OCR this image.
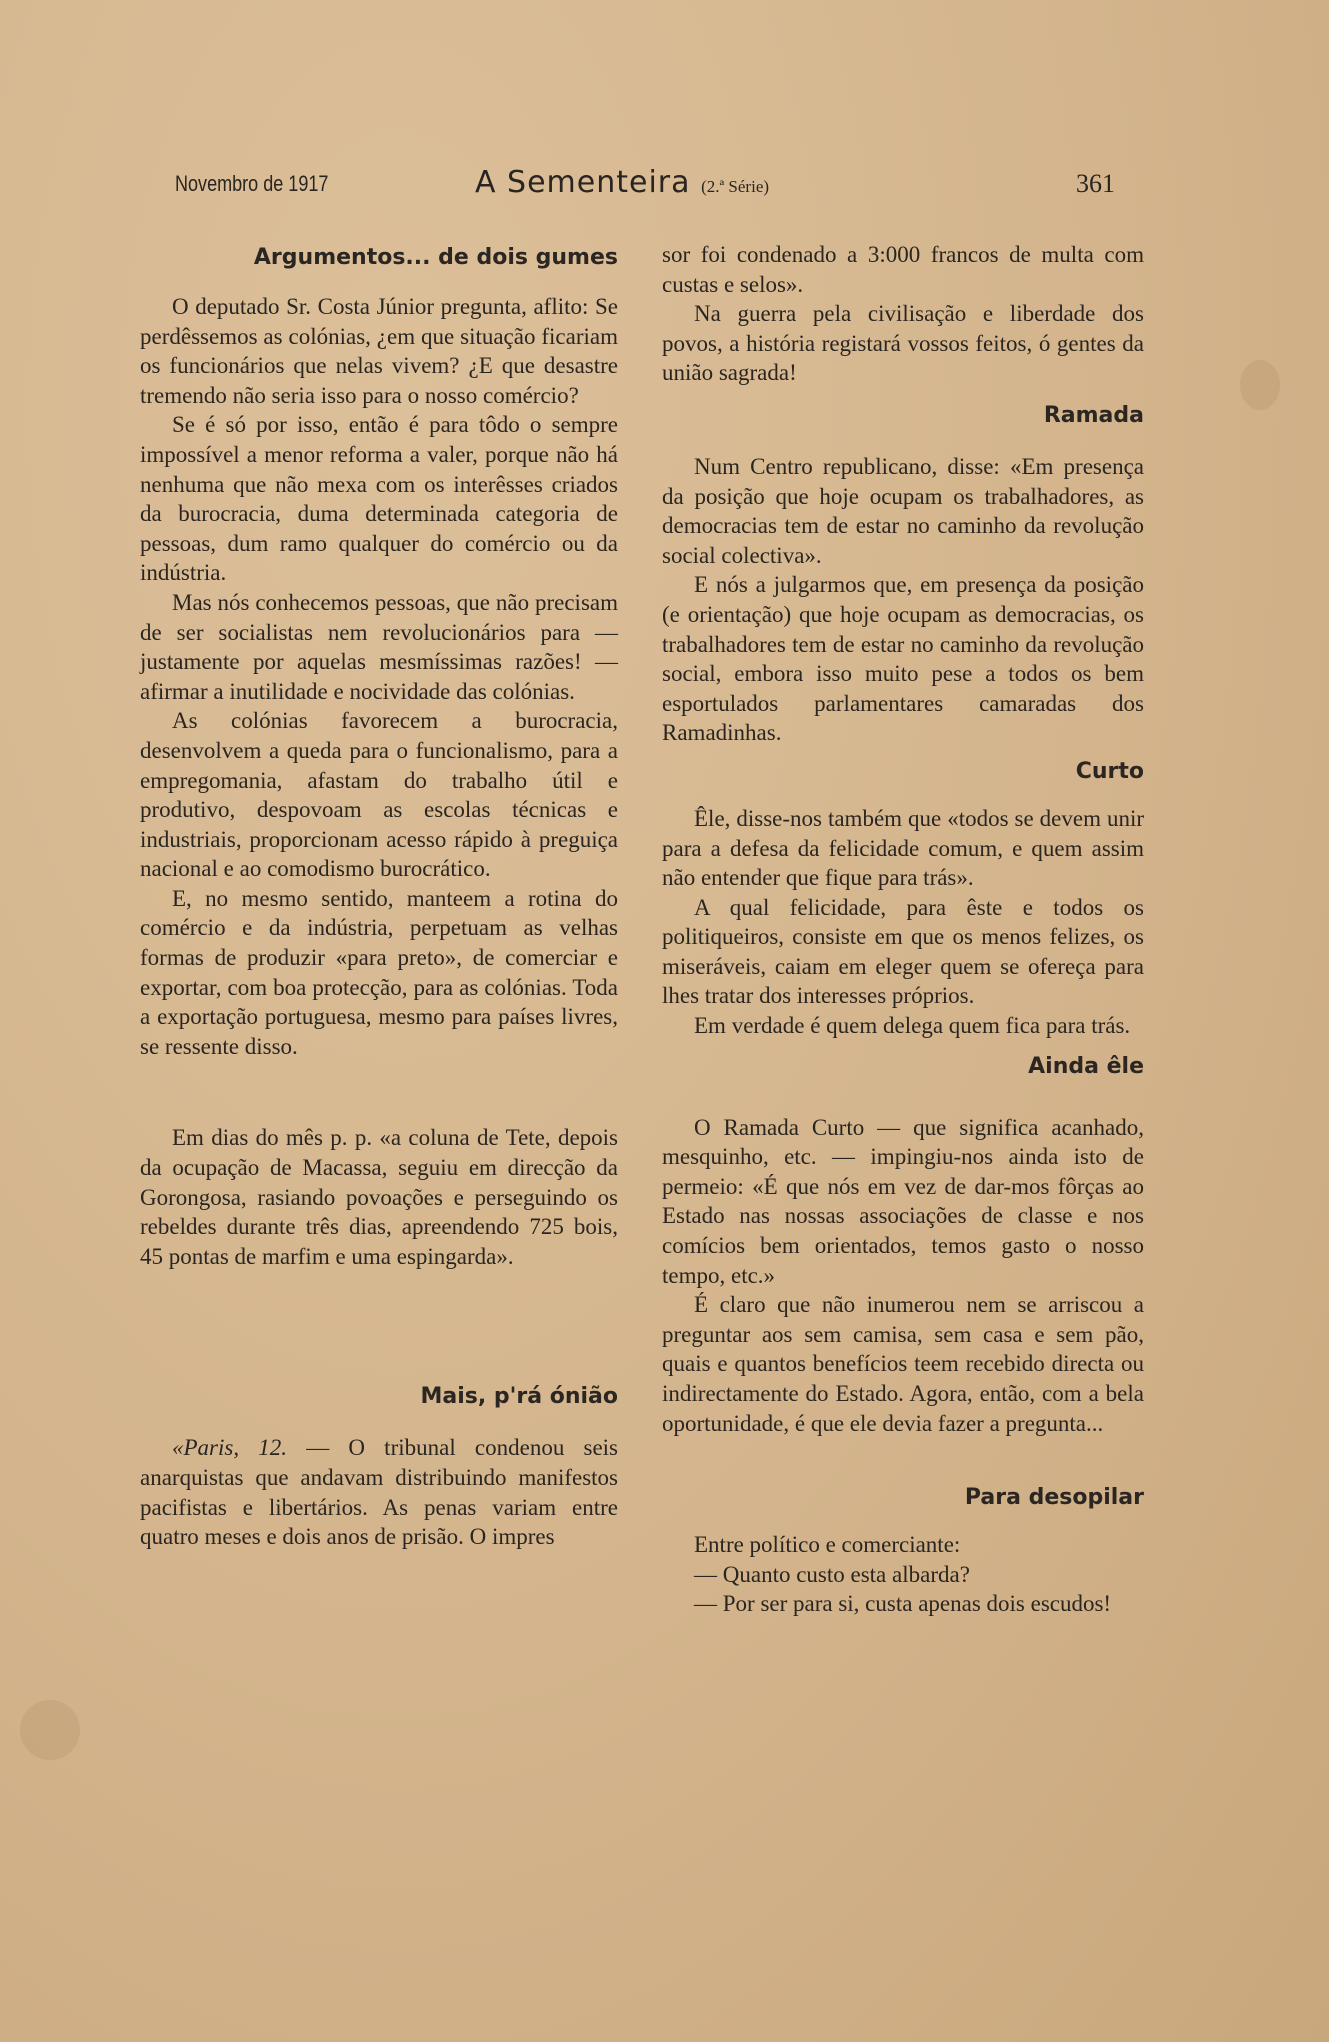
Novembro de 1917	A Sementeira (2.ª Série)	361
Argumentos... de dois gumes

O deputado Sr. Costa Júnior pregunta, aflito: Se perdêssemos as colónias, ¿em que situação ficariam os funcionários que nelas vivem? ¿E que desastre tremendo não seria isso para o nosso comércio?

Se é só por isso, então é para tôdo o sempre impossível a menor reforma a valer, porque não há nenhuma que não mexa com os interêsses criados da burocracia, duma determinada categoria de pessoas, dum ramo qualquer do comércio ou da indústria.

Mas nós conhecemos pessoas, que não precisam de ser socialistas nem revolucionários para — justamente por aquelas mesmíssimas razões! — afirmar a inutilidade e nocividade das colónias.

As colónias favorecem a burocracia, desenvolvem a queda para o funcionalismo, para a empregomania, afastam do trabalho útil e produtivo, despovoam as escolas técnicas e industriais, proporcionam acesso rápido à preguiça nacional e ao comodismo burocrático.

E, no mesmo sentido, manteem a rotina do comércio e da indústria, perpetuam as velhas formas de produzir «para preto», de comerciar e exportar, com boa protecção, para as colónias. Toda a exportação portuguesa, mesmo para países livres, se ressente disso.

Em dias do mês p. p. «a coluna de Tete, depois da ocupação de Macassa, seguiu em direcção da Gorongosa, rasiando povoações e perseguindo os rebeldes durante três dias, apreendendo 725 bois, 45 pontas de marfim e uma espingarda».

Mais, p'rá ónião

«Paris, 12. — O tribunal condenou seis anarquistas que andavam distribuindo manifestos pacifistas e libertários. As penas variam entre quatro meses e dois anos de prisão. O impres

sor foi condenado a 3:000 francos de multa com custas e selos».

Na guerra pela civilisação e liberdade dos povos, a história registará vossos feitos, ó gentes da união sagrada!

Ramada

Num Centro republicano, disse: «Em presença da posição que hoje ocupam os trabalhadores, as democracias tem de estar no caminho da revolução social colectiva».

E nós a julgarmos que, em presença da posição (e orientação) que hoje ocupam as democracias, os trabalhadores tem de estar no caminho da revolução social, embora isso muito pese a todos os bem esportulados parlamentares camaradas dos Ramadinhas.

Curto

Êle, disse-nos também que «todos se devem unir para a defesa da felicidade comum, e quem assim não entender que fique para trás».

A qual felicidade, para êste e todos os politiqueiros, consiste em que os menos felizes, os miseráveis, caiam em eleger quem se ofereça para lhes tratar dos interesses próprios.

Em verdade é quem delega quem fica para trás.

Ainda êle

O Ramada Curto — que significa acanhado, mesquinho, etc. — impingiu-nos ainda isto de permeio: «É que nós em vez de dar-mos fôrças ao Estado nas nossas associações de classe e nos comícios bem orientados, temos gasto o nosso tempo, etc.»

É claro que não inumerou nem se arriscou a preguntar aos sem camisa, sem casa e sem pão, quais e quantos benefícios teem recebido directa ou indirectamente do Estado. Agora, então, com a bela oportunidade, é que ele devia fazer a pregunta...

Para desopilar

Entre político e comerciante:

— Quanto custo esta albarda?

— Por ser para si, custa apenas dois escudos!
